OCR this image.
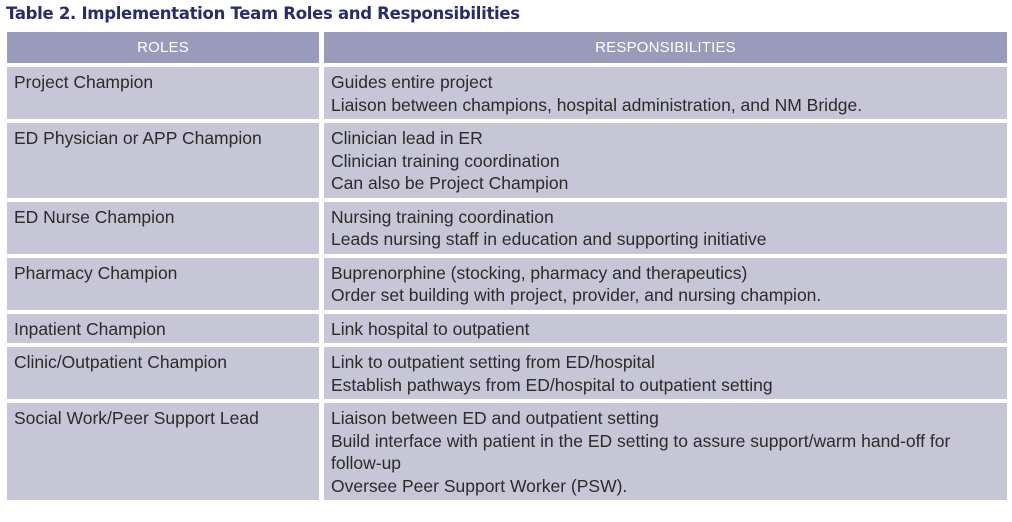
Table 2. Implementation Team Roles and Responsibilities
ROLES	RESPONSIBILITIES
Project Champion	Guides entire project
Liaison between champions, hospital administration, and NM Bridge.

ED Physician or APP Champion	Clinician lead in ER
Clinician training coordination
Can also be Project Champion

ED Nurse Champion	Nursing training coordination
Leads nursing staff in education and supporting initiative

Pharmacy Champion	Buprenorphine (stocking, pharmacy and therapeutics)
Order set building with project, provider, and nursing champion.

Inpatient Champion	Link hospital to outpatient

Clinic/Outpatient Champion	Link to outpatient setting from ED/hospital
Establish pathways from ED/hospital to outpatient setting

Social Work/Peer Support Lead	Liaison between ED and outpatient setting
Build interface with patient in the ED setting to assure support/warm hand-off for follow-up
Oversee Peer Support Worker (PSW).
